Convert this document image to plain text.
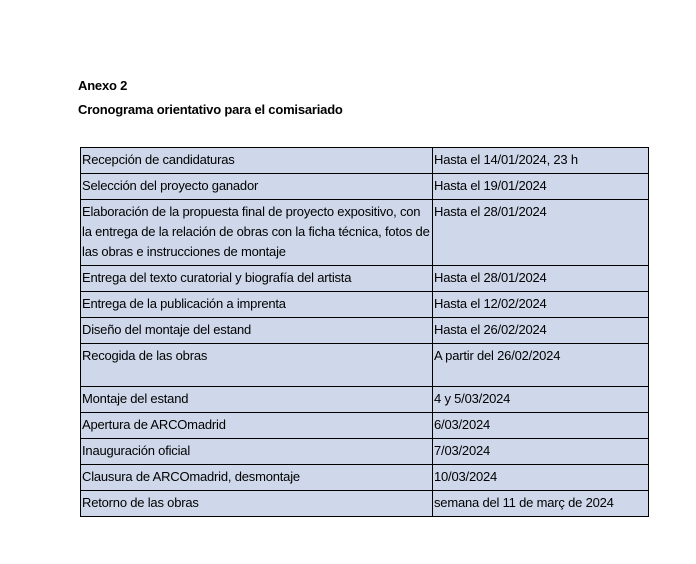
Anexo 2
Cronograma orientativo para el comisariado
Recepción de candidaturas	Hasta el 14/01/2024, 23 h
Selección del proyecto ganador	Hasta el 19/01/2024
Elaboración de la propuesta final de proyecto expositivo, con la entrega de la relación de obras con la ficha técnica, fotos de las obras e instrucciones de montaje	Hasta el 28/01/2024
Entrega del texto curatorial y biografía del artista	Hasta el 28/01/2024
Entrega de la publicación a imprenta	Hasta el 12/02/2024
Diseño del montaje del estand	Hasta el 26/02/2024
Recogida de las obras	A partir del 26/02/2024
Montaje del estand	4 y 5/03/2024
Apertura de ARCOmadrid	6/03/2024
Inauguración oficial	7/03/2024
Clausura de ARCOmadrid, desmontaje	10/03/2024
Retorno de las obras	semana del 11 de març de 2024
